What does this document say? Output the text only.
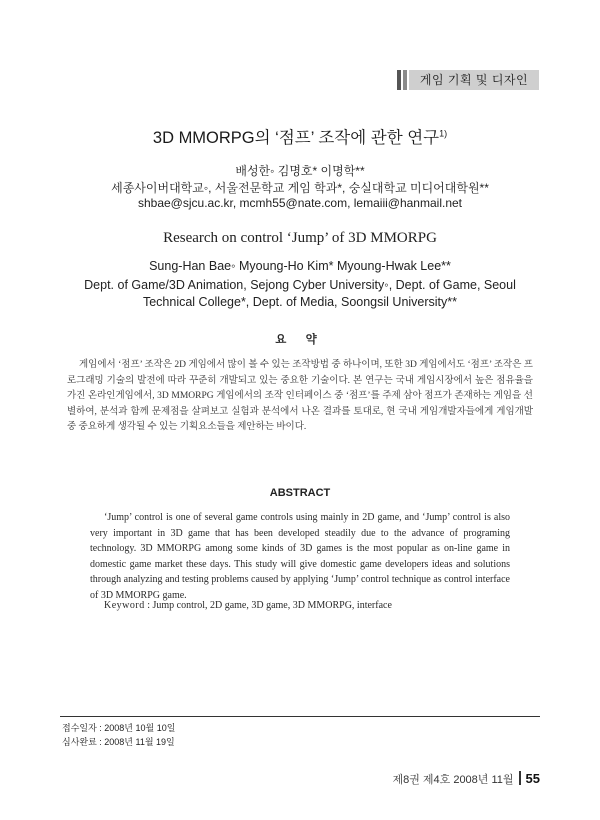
게임 기획 및 디자인
3D MMORPG의 ‘점프’ 조작에 관한 연구$^{1)}$
배성한◦ 김명호* 이명학**
세종사이버대학교◦, 서울전문학교 게임 학과*, 숭실대학교 미디어대학원**
shbae@sjcu.ac.kr, mcmh55@nate.com, lemaiii@hanmail.net
Research on control ‘Jump’ of 3D MMORPG
Sung-Han Bae◦ Myoung-Ho Kim* Myoung-Hwak Lee**
Dept. of Game/3D Animation, Sejong Cyber University◦, Dept. of Game, Seoul Technical College*, Dept. of Media, Soongsil University**
요 약
게임에서 ‘점프’ 조작은 2D 게임에서 많이 볼 수 있는 조작방법 중 하나이며, 또한 3D 게임에서도 ‘점프’ 조작은 프로그래밍 기술의 발전에 따라 꾸준히 개발되고 있는 중요한 기술이다. 본 연구는 국내 게임시장에서 높은 점유율을 가진 온라인게임에서, 3D MMORPG 게임에서의 조작 인터페이스 중 ‘점프’를 주제 삼아 점프가 존재하는 게임을 선별하여, 분석과 함께 문제점을 살펴보고 실험과 분석에서 나온 결과를 토대로, 현 국내 게임개발자들에게 게임개발 중 중요하게 생각될 수 있는 기획요소들을 제안하는 바이다.
ABSTRACT
‘Jump’ control is one of several game controls using mainly in 2D game, and ‘Jump’ control is also very important in 3D game that has been developed steadily due to the advance of programing technology. 3D MMORPG among some kinds of 3D games is the most popular as on-line game in domestic game market these days. This study will give domestic game developers ideas and solutions through analyzing and testing problems caused by applying ‘Jump’ control technique as control interface of 3D MMORPG game.
Keyword : Jump control, 2D game, 3D game, 3D MMORPG, interface
접수일자 : 2008년 10월 10일
심사완료 : 2008년 11월 19일
제8권 제4호 2008년 11월 55
